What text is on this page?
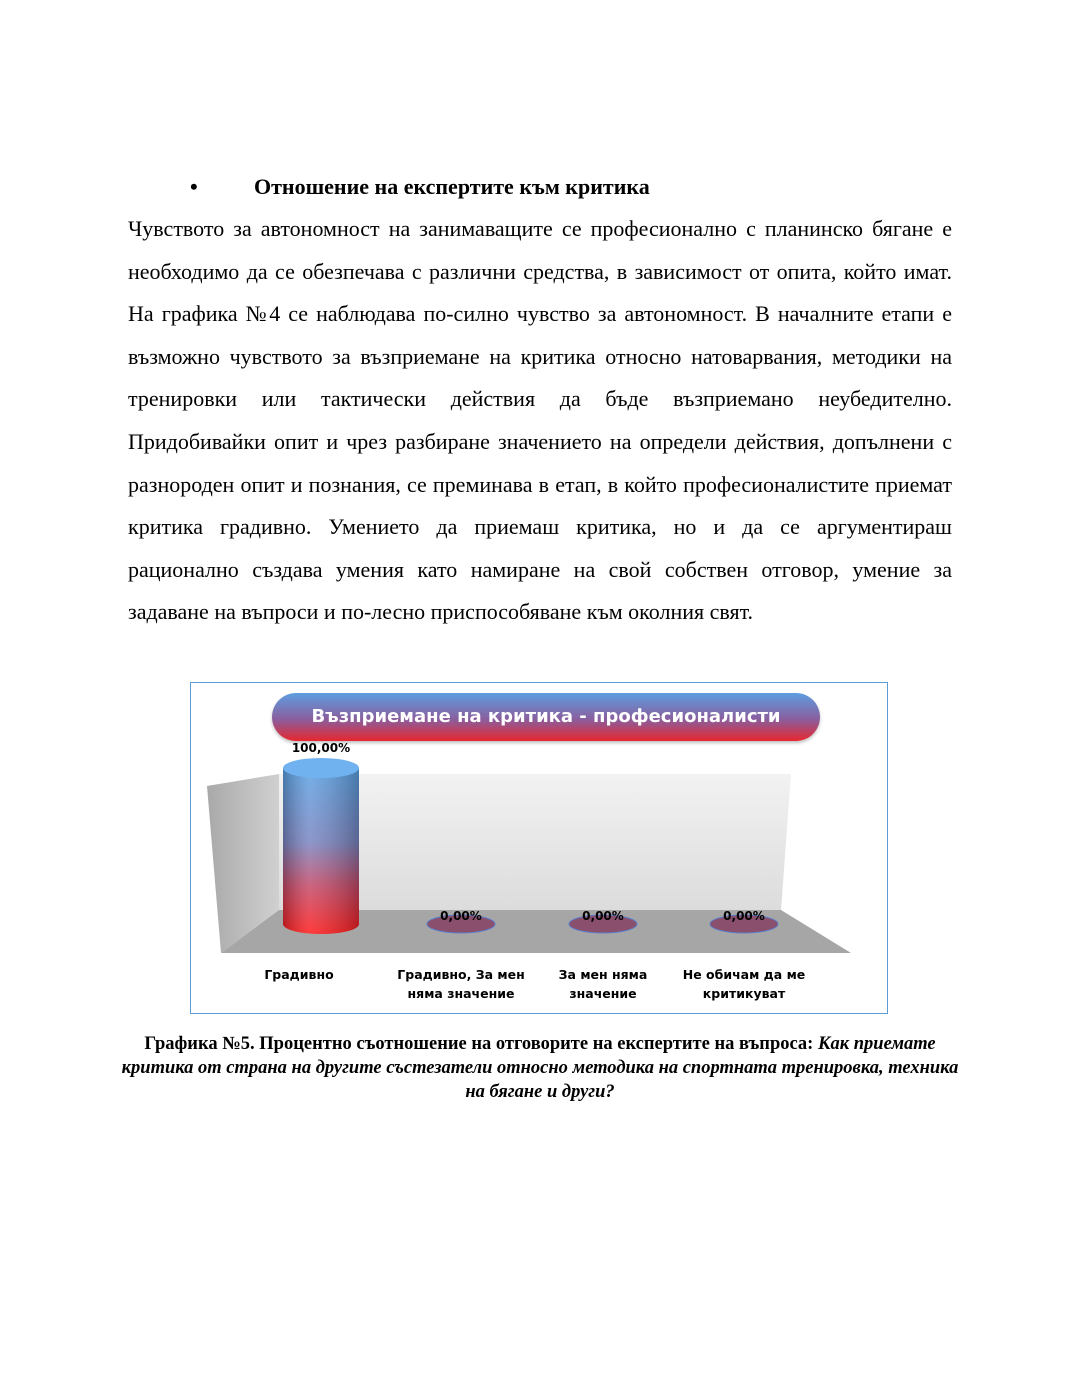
•	Отношение на експертите към критика

Чувството за автономност на занимаващите се професионално с планинско бягане е необходимо да се обезпечава с различни средства, в зависимост от опита, който имат. На графика №4 се наблюдава по-силно чувство за автономност. В началните етапи е възможно чувството за възприемане на критика относно натоварвания, методики на тренировки или тактически действия да бъде възприемано неубедително. Придобивайки опит и чрез разбиране значението на определи действия, допълнени с разнороден опит и познания, се преминава в етап, в който професионалистите приемат критика градивно. Умението да приемаш критика, но и да се аргументираш рационално създава умения като намиране на свой собствен отговор, умение за задаване на въпроси и по-лесно приспособяване към околния свят.

100,00%
0,00%	0,00%	0,00%
Възприемане на критика - професионалисти
Градивно	Градивно, За мен няма значение
За мен няма значение
Не обичам да ме критикуват

Графика №5. Процентно съотношение на отговорите на експертите на въпроса: Как приемате критика от страна на другите състезатели относно методика на спортната тренировка, техника на бягане и други?
